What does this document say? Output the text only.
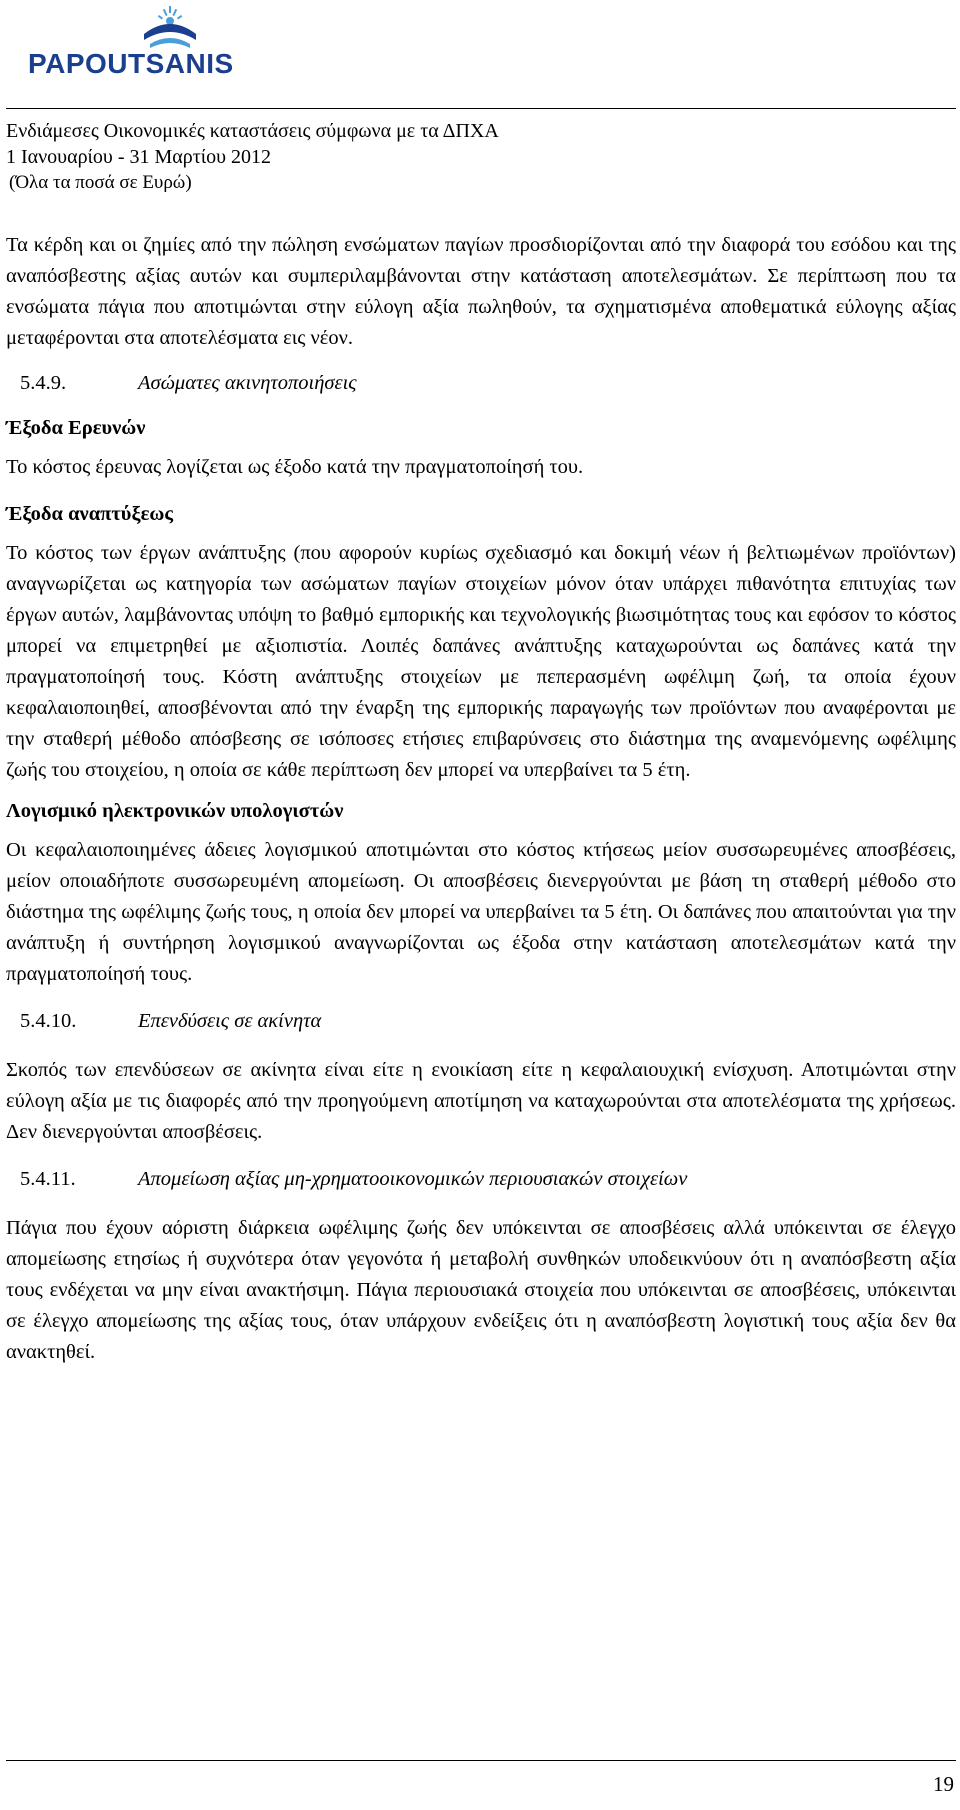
PAPOUTSANIS
Ενδιάμεσες Οικονομικές καταστάσεις σύμφωνα με τα ΔΠΧΑ
1 Ιανουαρίου - 31 Μαρτίου 2012
(Όλα τα ποσά σε Ευρώ)

Τα κέρδη και οι ζημίες από την πώληση ενσώματων παγίων προσδιορίζονται από την διαφορά του εσόδου και της αναπόσβεστης αξίας αυτών και συμπεριλαμβάνονται στην κατάσταση αποτελεσμάτων. Σε περίπτωση που τα ενσώματα πάγια που αποτιμώνται στην εύλογη αξία πωληθούν, τα σχηματισμένα αποθεματικά εύλογης αξίας μεταφέρονται στα αποτελέσματα εις νέον.

5.4.9.	Ασώματες ακινητοποιήσεις
Έξοδα Ερευνών

Το κόστος έρευνας λογίζεται ως έξοδο κατά την πραγματοποίησή του.

Έξοδα αναπτύξεως

Το κόστος των έργων ανάπτυξης (που αφορούν κυρίως σχεδιασμό και δοκιμή νέων ή βελτιωμένων προϊόντων) αναγνωρίζεται ως κατηγορία των ασώματων παγίων στοιχείων μόνον όταν υπάρχει πιθανότητα επιτυχίας των έργων αυτών, λαμβάνοντας υπόψη το βαθμό εμπορικής και τεχνολογικής βιωσιμότητας τους και εφόσον το κόστος μπορεί να επιμετρηθεί με αξιοπιστία. Λοιπές δαπάνες ανάπτυξης καταχωρούνται ως δαπάνες κατά την πραγματοποίησή τους. Κόστη ανάπτυξης στοιχείων με πεπερασμένη ωφέλιμη ζωή, τα οποία έχουν κεφαλαιοποιηθεί, αποσβένονται από την έναρξη της εμπορικής παραγωγής των προϊόντων που αναφέρονται με την σταθερή μέθοδο απόσβεσης σε ισόποσες ετήσιες επιβαρύνσεις στο διάστημα της αναμενόμενης ωφέλιμης ζωής του στοιχείου, η οποία σε κάθε περίπτωση δεν μπορεί να υπερβαίνει τα 5 έτη.

Λογισμικό ηλεκτρονικών υπολογιστών

Οι κεφαλαιοποιημένες άδειες λογισμικού αποτιμώνται στο κόστος κτήσεως μείον συσσωρευμένες αποσβέσεις, μείον οποιαδήποτε συσσωρευμένη απομείωση. Οι αποσβέσεις διενεργούνται με βάση τη σταθερή μέθοδο στο διάστημα της ωφέλιμης ζωής τους, η οποία δεν μπορεί να υπερβαίνει τα 5 έτη. Οι δαπάνες που απαιτούνται για την ανάπτυξη ή συντήρηση λογισμικού αναγνωρίζονται ως έξοδα στην κατάσταση αποτελεσμάτων κατά την πραγματοποίησή τους.

5.4.10.	Επενδύσεις σε ακίνητα

Σκοπός των επενδύσεων σε ακίνητα είναι είτε η ενοικίαση είτε η κεφαλαιουχική ενίσχυση. Αποτιμώνται στην εύλογη αξία με τις διαφορές από την προηγούμενη αποτίμηση να καταχωρούνται στα αποτελέσματα της χρήσεως. Δεν διενεργούνται αποσβέσεις.

5.4.11.	Απομείωση αξίας μη-χρηματοοικονομικών περιουσιακών στοιχείων

Πάγια που έχουν αόριστη διάρκεια ωφέλιμης ζωής δεν υπόκεινται σε αποσβέσεις αλλά υπόκεινται σε έλεγχο απομείωσης ετησίως ή συχνότερα όταν γεγονότα ή μεταβολή συνθηκών υποδεικνύουν ότι η αναπόσβεστη αξία τους ενδέχεται να μην είναι ανακτήσιμη. Πάγια περιουσιακά στοιχεία που υπόκεινται σε αποσβέσεις, υπόκεινται σε έλεγχο απομείωσης της αξίας τους, όταν υπάρχουν ενδείξεις ότι η αναπόσβεστη λογιστική τους αξία δεν θα ανακτηθεί.

19
